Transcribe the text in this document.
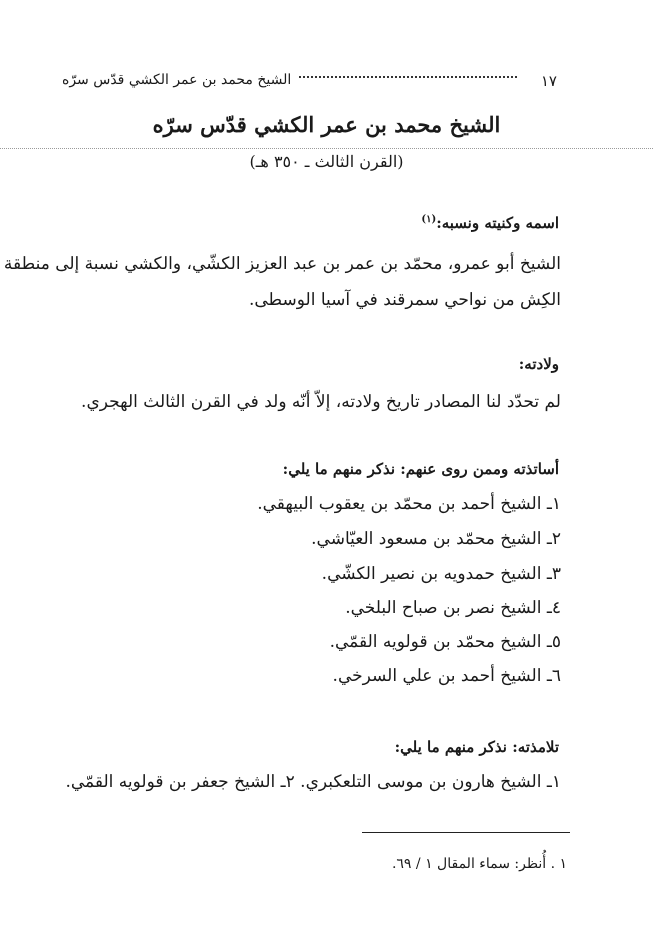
١٧
الشيخ محمد بن عمر الكشي قدّس سرّه
الشيخ محمد بن عمر الكشي قدّس سرّه
(القرن الثالث ـ ٣٥٠ هـ)
اسمه وكنيته ونسبه:$^{(١)}$
الشيخ أبو عمرو، محمّد بن عمر بن عبد العزيز الكشّي، والكشي نسبة إلى منطقة
الكِش من نواحي سمرقند في آسيا الوسطى.
ولادته:
لم تحدّد لنا المصادر تاريخ ولادته، إلاّ أنّه ولد في القرن الثالث الهجري.
أساتذته وممن روى عنهم: نذكر منهم ما يلي:
١ـ الشيخ أحمد بن محمّد بن يعقوب البيهقي.
٢ـ الشيخ محمّد بن مسعود العيّاشي.
٣ـ الشيخ حمدويه بن نصير الكشّي.
٤ـ الشيخ نصر بن صباح البلخي.
٥ـ الشيخ محمّد بن قولويه القمّي.
٦ـ الشيخ أحمد بن علي السرخي.
تلامذته: نذكر منهم ما يلي:
١ـ الشيخ هارون بن موسى التلعكبري. ٢ـ الشيخ جعفر بن قولويه القمّي.
١ . أُنظر: سماء المقال ١ / ٦٩.
